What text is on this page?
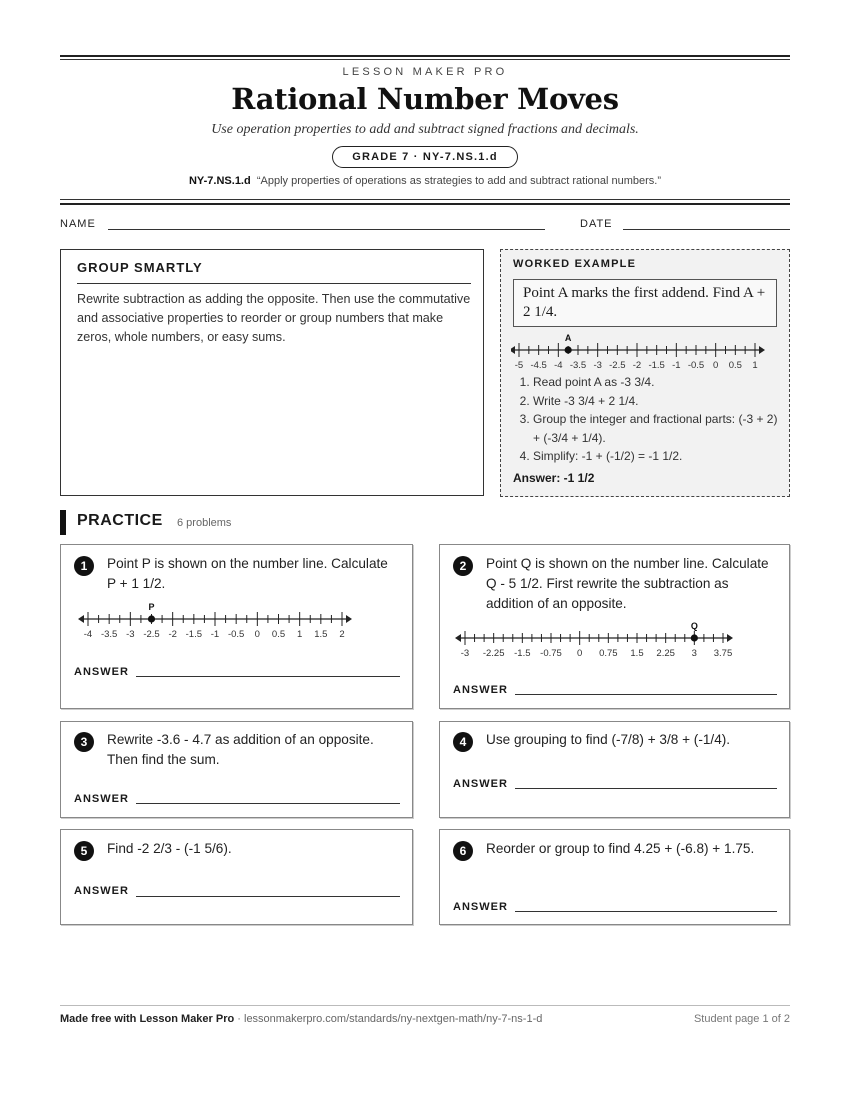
LESSON MAKER PRO
Rational Number Moves
Use operation properties to add and subtract signed fractions and decimals.
GRADE 7 · NY-7.NS.1.d
NY-7.NS.1.d “Apply properties of operations as strategies to add and subtract rational numbers.”
NAME	DATE
GROUP SMARTLY
Rewrite subtraction as adding the opposite. Then use the commutative and associative properties to reorder or group numbers that make zeros, whole numbers, or easy sums.
WORKED EXAMPLE
Point A marks the first addend. Find A + 2 1/4.
-5 -4.5 -4 -3.5 -3 -2.5 -2 -1.5 -1 -0.5 0 0.5 1
A
1. Read point A as -3 3/4.
2. Write -3 3/4 + 2 1/4.
3. Group the integer and fractional parts: (-3 + 2) + (-3/4 + 1/4).
4. Simplify: -1 + (-1/2) = -1 1/2.
Answer: -1 1/2
PRACTICE 6 problems
1	Point P is shown on the number line. Calculate P + 1 1/2.
-4 -3.5 -3 -2.5 -2 -1.5 -1 -0.5 0 0.5 1 1.5 2
P
ANSWER
2	Point Q is shown on the number line. Calculate Q - 5 1/2. First rewrite the subtraction as addition of an opposite.
-3 -2.25 -1.5 -0.75 0 0.75 1.5 2.25 3 3.75
Q
ANSWER
3	Rewrite -3.6 - 4.7 as addition of an opposite. Then find the sum.
ANSWER
4	Use grouping to find (-7/8) + 3/8 + (-1/4).
ANSWER
5	Find -2 2/3 - (-1 5/6).
ANSWER
6	Reorder or group to find 4.25 + (-6.8) + 1.75.
ANSWER
Made free with Lesson Maker Pro · lessonmakerpro.com/standards/ny-nextgen-math/ny-7-ns-1-d	Student page 1 of 2
